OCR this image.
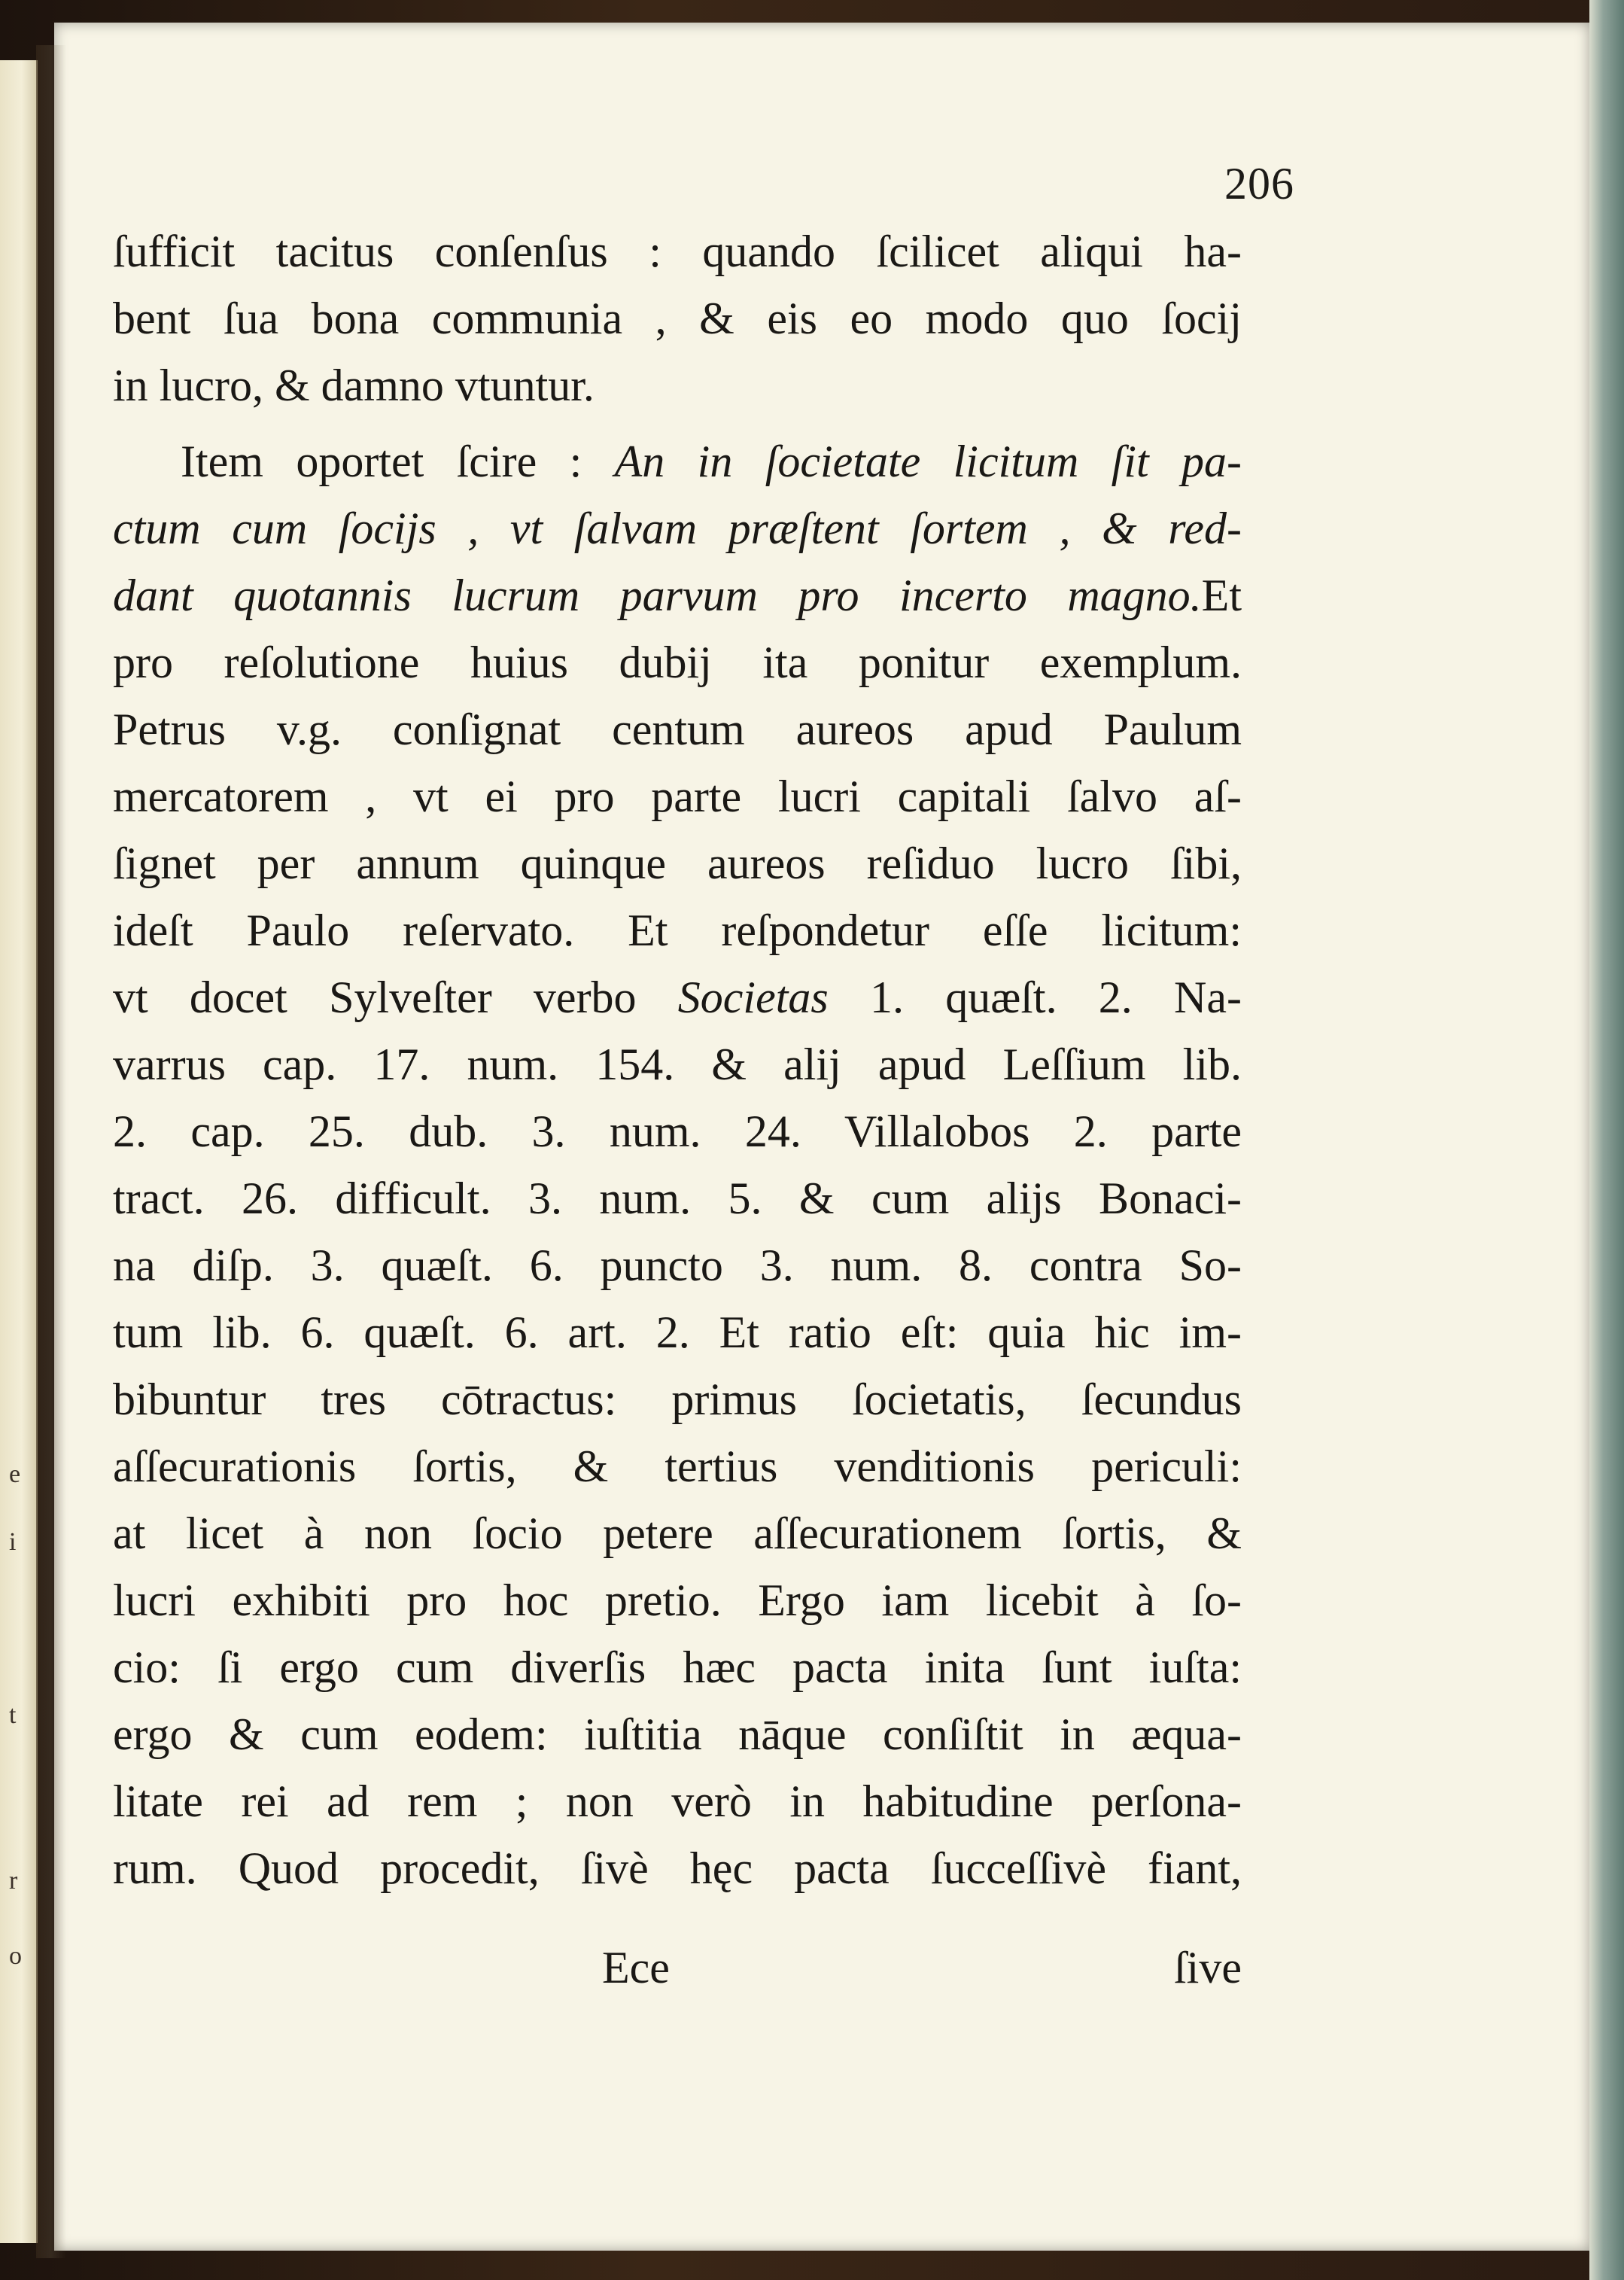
e
i
t
r
o
206
ſufficit tacitus conſenſus : quando ſcilicet aliqui ha-
bent ſua bona communia , & eis eo modo quo ſocij
in lucro, & damno vtuntur.
Item oportet ſcire : An in ſocietate licitum ſit pa-
ctum cum ſocijs , vt ſalvam præſtent ſortem , & red-
dant quotannis lucrum parvum pro incerto magno.Et
pro reſolutione huius dubij ita ponitur exemplum.
Petrus v.g. conſignat centum aureos apud Paulum
mercatorem , vt ei pro parte lucri capitali ſalvo aſ-
ſignet per annum quinque aureos reſiduo lucro ſibi,
ideſt Paulo reſervato. Et reſpondetur eſſe licitum:
vt docet Sylveſter verbo Societas 1. quæſt. 2. Na-
varrus cap. 17. num. 154. & alij apud Leſſium lib.
2. cap. 25. dub. 3. num. 24. Villalobos 2. parte
tract. 26. difficult. 3. num. 5. & cum alijs Bonaci-
na diſp. 3. quæſt. 6. puncto 3. num. 8. contra So-
tum lib. 6. quæſt. 6. art. 2. Et ratio eſt: quia hic im-
bibuntur tres cōtractus: primus ſocietatis, ſecundus
aſſecurationis ſortis, & tertius venditionis periculi:
at licet à non ſocio petere aſſecurationem ſortis, &
lucri exhibiti pro hoc pretio. Ergo iam licebit à ſo-
cio: ſi ergo cum diverſis hæc pacta inita ſunt iuſta:
ergo & cum eodem: iuſtitia nāque conſiſtit in æqua-
litate rei ad rem ; non verò in habitudine perſona-
rum. Quod procedit, ſivè hęc pacta ſucceſſivè fiant,
Ece	ſive
